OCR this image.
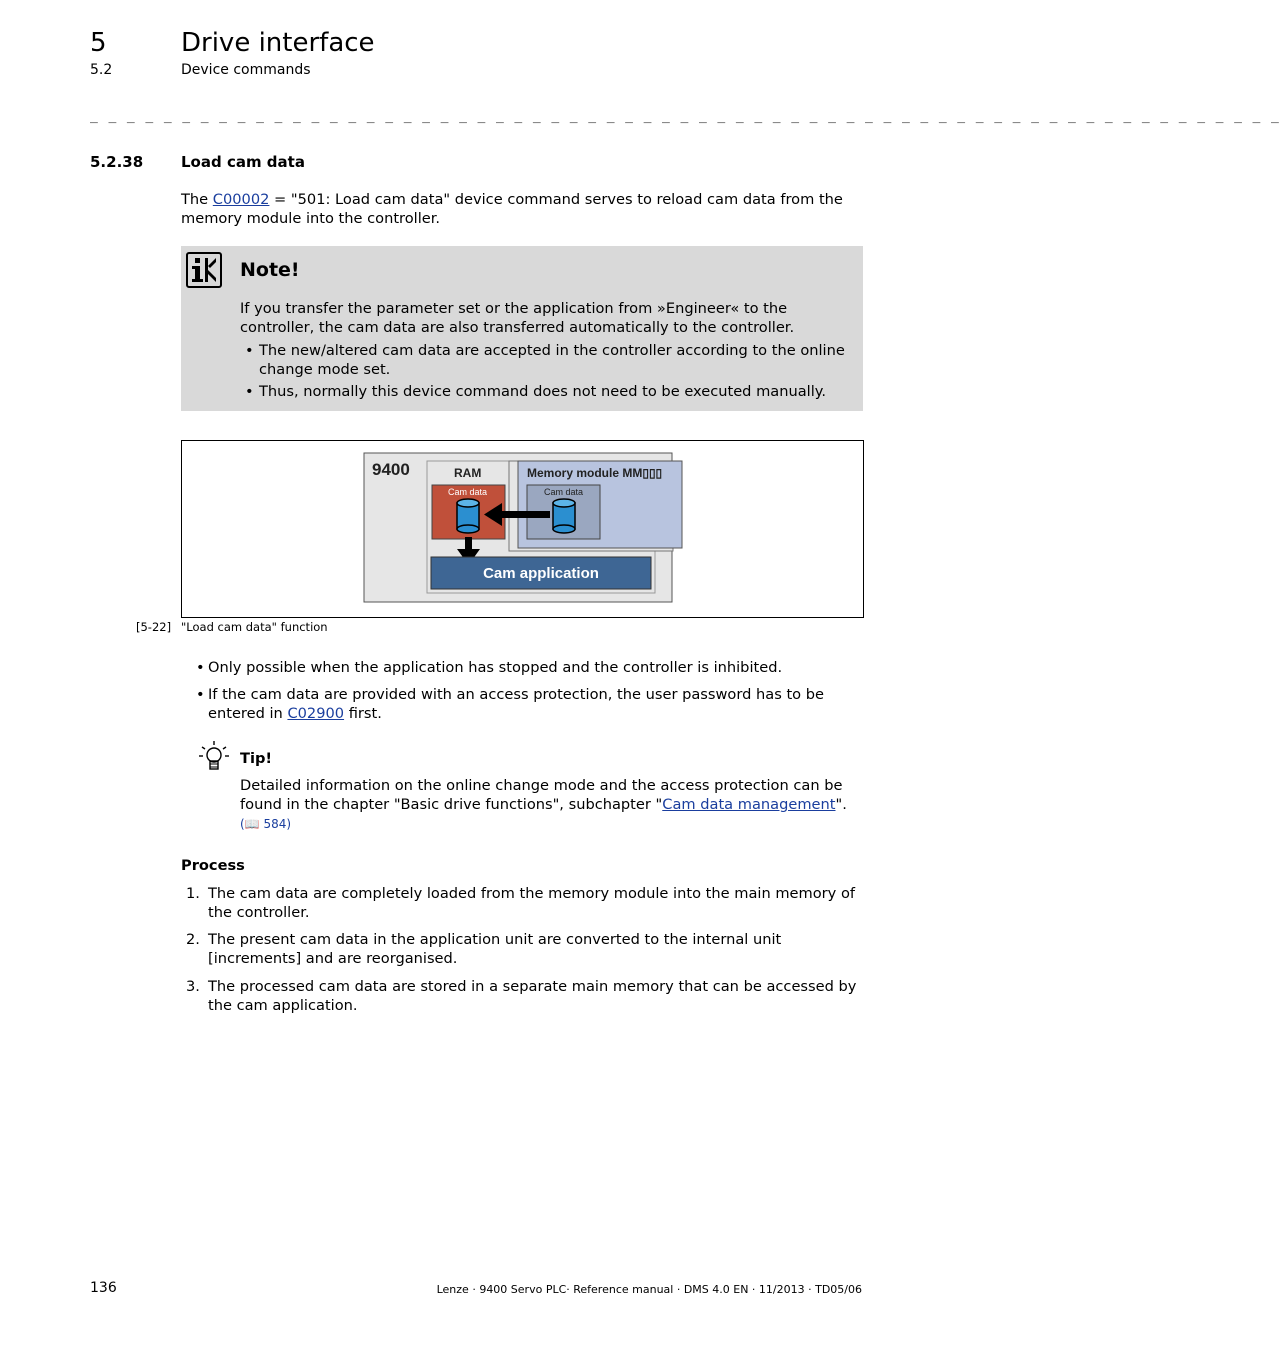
5	Drive interface
5.2	Device commands
_ _ _ _ _ _ _ _ _ _ _ _ _ _ _ _ _ _ _ _ _ _ _ _ _ _ _ _ _ _ _ _ _ _ _ _ _ _ _ _ _ _ _ _ _ _ _ _ _ _ _ _ _ _ _ _ _ _ _ _ _ _ _ _ _
5.2.38	Load cam data
The C00002 = "501: Load cam data" device command serves to reload cam data from the memory module into the controller.
Note!
If you transfer the parameter set or the application from »Engineer« to the controller, the cam data are also transferred automatically to the controller.
• The new/altered cam data are accepted in the controller according to the online change mode set.
• Thus, normally this device command does not need to be executed manually.
9400	RAM	Memory module MM▯▯▯
Cam data
Cam data
Cam application
[5-22] "Load cam data" function
• Only possible when the application has stopped and the controller is inhibited.
• If the cam data are provided with an access protection, the user password has to be entered in C02900 first.
Tip!
Detailed information on the online change mode and the access protection can be found in the chapter "Basic drive functions", subchapter "Cam data management".  (📖 584)
Process
1. The cam data are completely loaded from the memory module into the main memory of the controller.
2. The present cam data in the application unit are converted to the internal unit [increments] and are reorganised.
3. The processed cam data are stored in a separate main memory that can be accessed by the cam application.
136	Lenze · 9400 Servo PLC· Reference manual · DMS 4.0 EN · 11/2013 · TD05/06
